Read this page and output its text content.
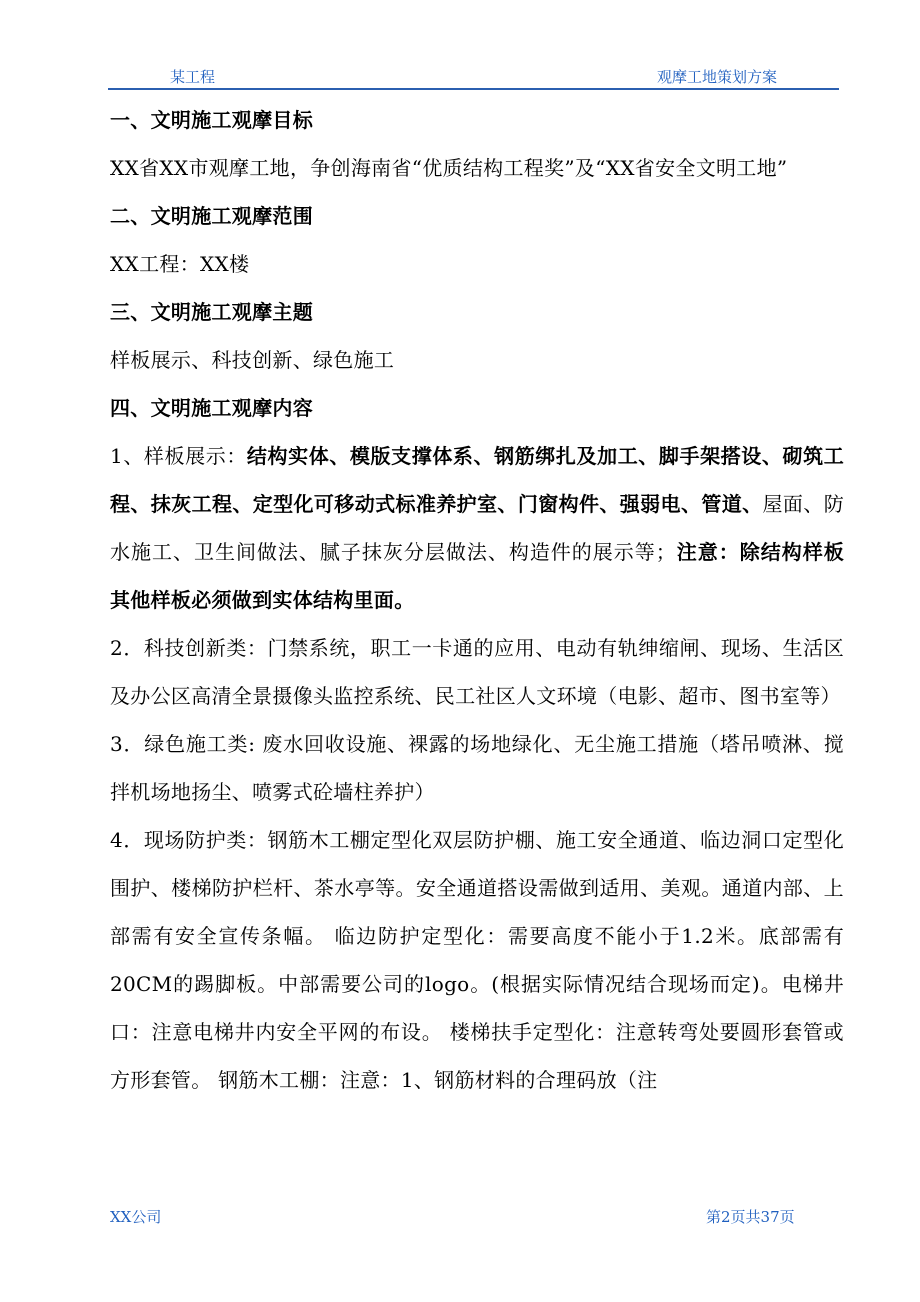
某工程	观摩工地策划方案

一、文明施工观摩目标

XX省XX市观摩工地，争创海南省“优质结构工程奖”及“XX省安全文明工地”

二、文明施工观摩范围

XX工程：XX楼

三、文明施工观摩主题

样板展示、科技创新、绿色施工

四、文明施工观摩内容

1、样板展示：结构实体、模版支撑体系、钢筋绑扎及加工、脚手架搭设、砌筑工程、抹灰工程、定型化可移动式标准养护室、门窗构件、强弱电、管道、屋面、防水施工、卫生间做法、腻子抹灰分层做法、构造件的展示等；注意：除结构样板 其他样板必须做到实体结构里面。

2．科技创新类：门禁系统，职工一卡通的应用、电动有轨绅缩闸、现场、生活区及办公区高清全景摄像头监控系统、民工社区人文环境（电影、超市、图书室等）

3．绿色施工类: 废水回收设施、裸露的场地绿化、无尘施工措施（塔吊喷淋、搅拌机场地扬尘、喷雾式砼墙柱养护）

4．现场防护类：钢筋木工棚定型化双层防护棚、施工安全通道、临边洞口定型化围护、楼梯防护栏杆、茶水亭等。安全通道搭设需做到适用、美观。通道内部、上部需有安全宣传条幅。 临边防护定型化：需要高度不能小于1.2米。底部需有20CM的踢脚板。中部需要公司的logo。(根据实际情况结合现场而定)。电梯井口：注意电梯井内安全平网的布设。 楼梯扶手定型化：注意转弯处要圆形套管或方形套管。 钢筋木工棚：注意：1、钢筋材料的合理码放（注

XX公司	第2页共37页
